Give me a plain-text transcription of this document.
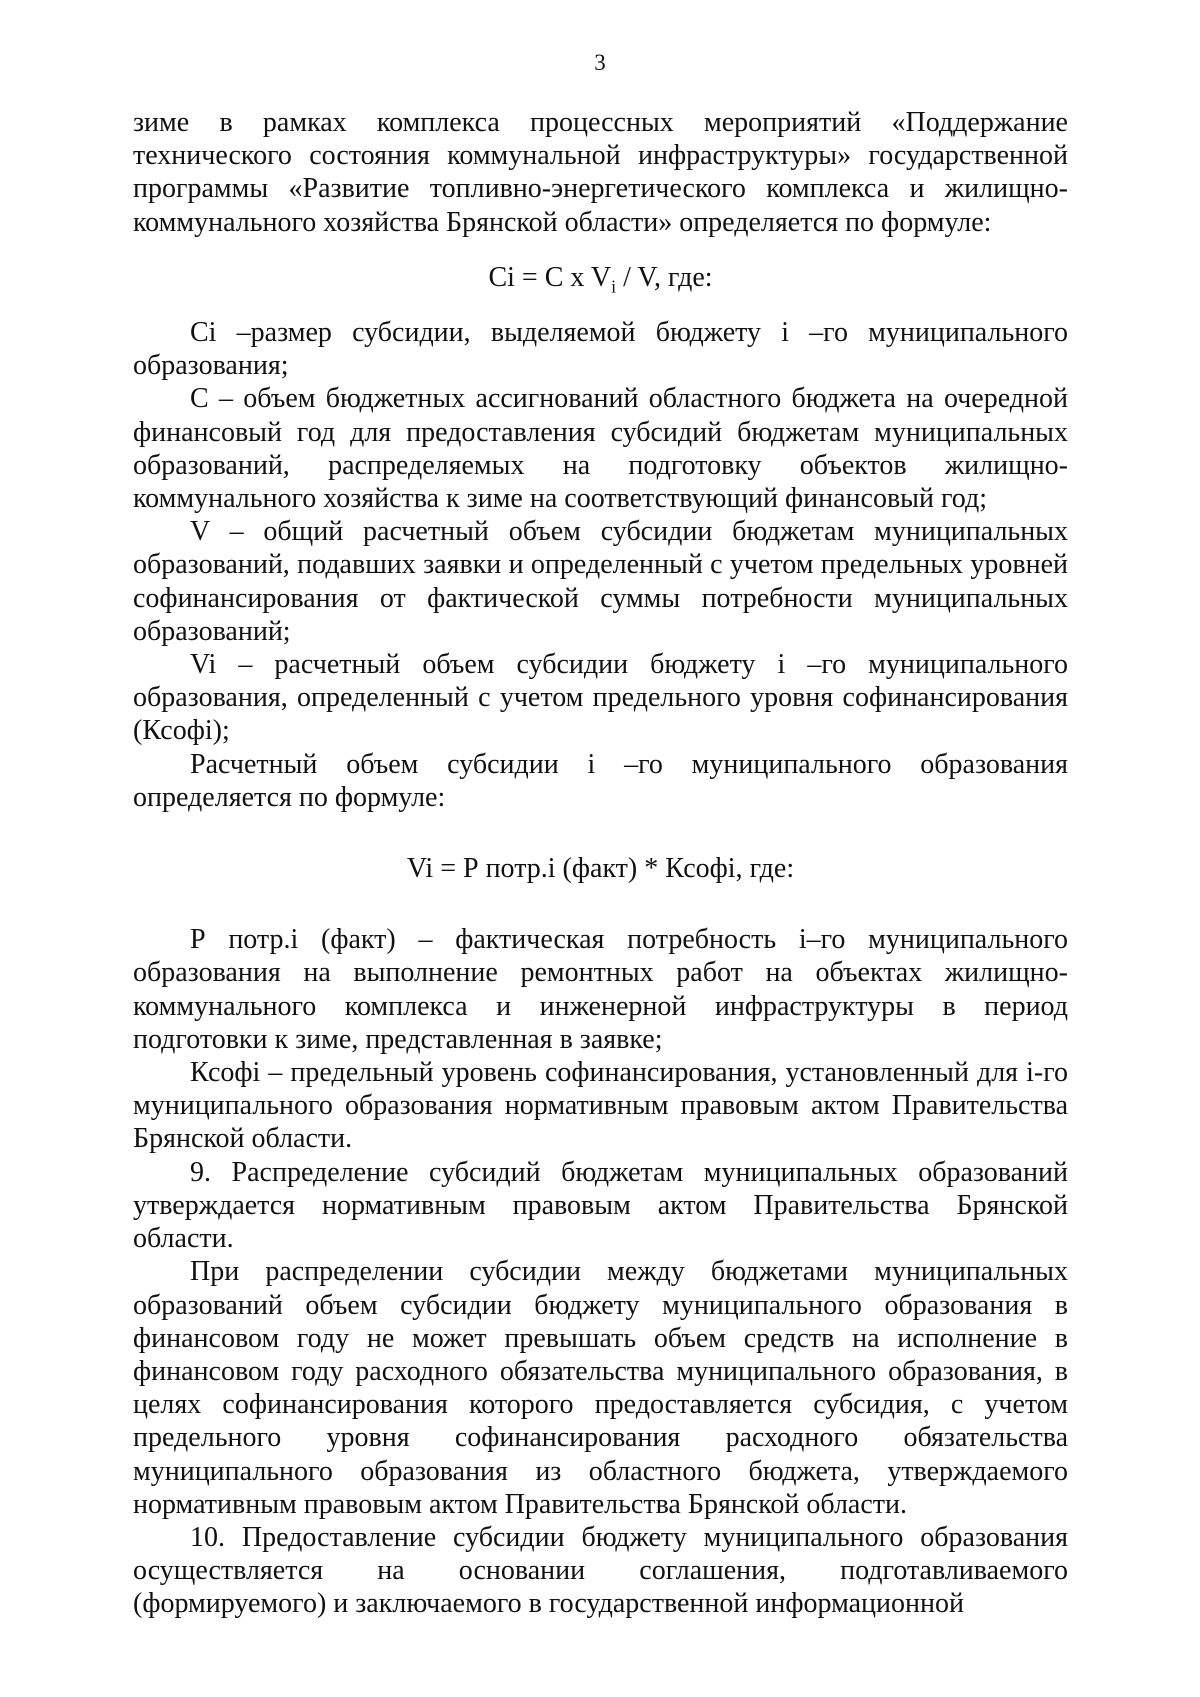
3

зиме в рамках комплекса процессных мероприятий «Поддержание технического состояния коммунальной инфраструктуры» государственной программы «Развитие топливно-энергетического комплекса и жилищно-коммунального хозяйства Брянской области» определяется по формуле:

Сi = С x $V_i$ / V, где:

Сi –размер субсидии, выделяемой бюджету i –го муниципального образования;

С – объем бюджетных ассигнований областного бюджета на очередной финансовый год для предоставления субсидий бюджетам муниципальных образований, распределяемых на подготовку объектов жилищно-коммунального хозяйства к зиме на соответствующий финансовый год;

V – общий расчетный объем субсидии бюджетам муниципальных образований, подавших заявки и определенный с учетом предельных уровней софинансирования от фактической суммы потребности муниципальных образований;

Vi – расчетный объем субсидии бюджету i –го муниципального образования, определенный с учетом предельного уровня софинансирования (Ксофi);

Расчетный объем субсидии i –го муниципального образования определяется по формуле:

Vi = Р потр.i (факт) * Ксофi, где:

Р потр.i (факт) – фактическая потребность i–го муниципального образования на выполнение ремонтных работ на объектах жилищно-коммунального комплекса и инженерной инфраструктуры в период подготовки к зиме, представленная в заявке;

Ксофi – предельный уровень софинансирования, установленный для i-го муниципального образования нормативным правовым актом Правительства Брянской области.

9. Распределение субсидий бюджетам муниципальных образований утверждается нормативным правовым актом Правительства Брянской области.

При распределении субсидии между бюджетами муниципальных образований объем субсидии бюджету муниципального образования в финансовом году не может превышать объем средств на исполнение в финансовом году расходного обязательства муниципального образования, в целях софинансирования которого предоставляется субсидия, с учетом предельного уровня софинансирования расходного обязательства муниципального образования из областного бюджета, утверждаемого нормативным правовым актом Правительства Брянской области.

10. Предоставление субсидии бюджету муниципального образования осуществляется на основании соглашения, подготавливаемого (формируемого) и заключаемого в государственной информационной
